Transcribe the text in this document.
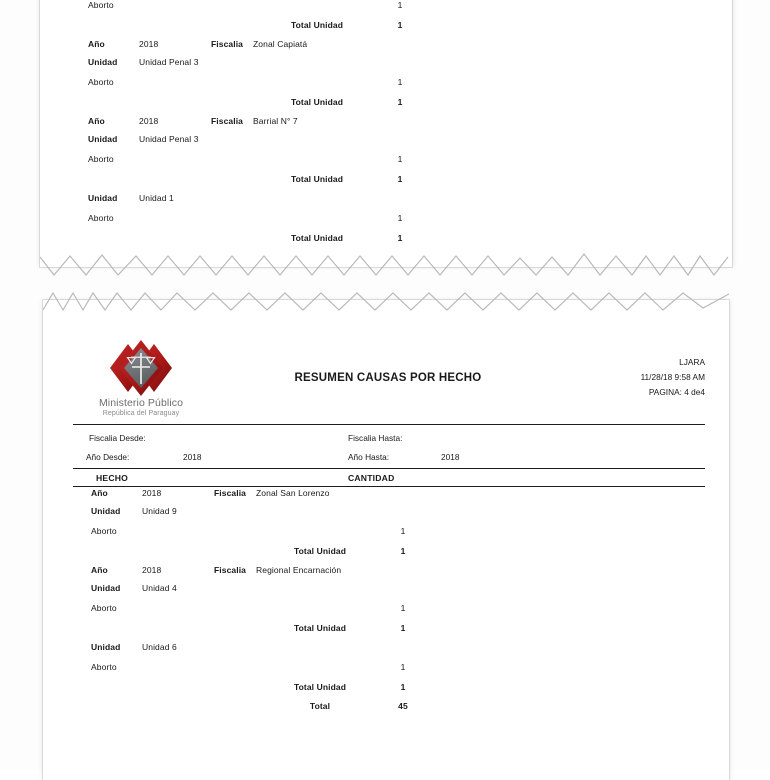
Aborto	1
Total Unidad	1
Año	2018	Fiscalia Zonal Capiatá
Unidad	Unidad Penal 3
Aborto	1
Total Unidad	1
Año	2018	Fiscalia Barrial N° 7
Unidad	Unidad Penal 3
Aborto	1
Total Unidad	1
Unidad	Unidad 1
Aborto	1
Total Unidad	1
Ministerio Público
República del Paraguay
RESUMEN CAUSAS POR HECHO
LJARA
11/28/18 9:58 AM
PAGINA: 4 de4
Fiscalia Desde:	Fiscalia Hasta:
Año Desde:	2018	Año Hasta:	2018
HECHO	CANTIDAD
Año	2018	Fiscalia Zonal San Lorenzo
Unidad	Unidad 9
Aborto	1
Total Unidad	1
Año	2018	Fiscalia Regional Encarnación
Unidad	Unidad 4
Aborto	1
Total Unidad	1
Unidad	Unidad 6
Aborto	1
Total Unidad	1
Total	45
